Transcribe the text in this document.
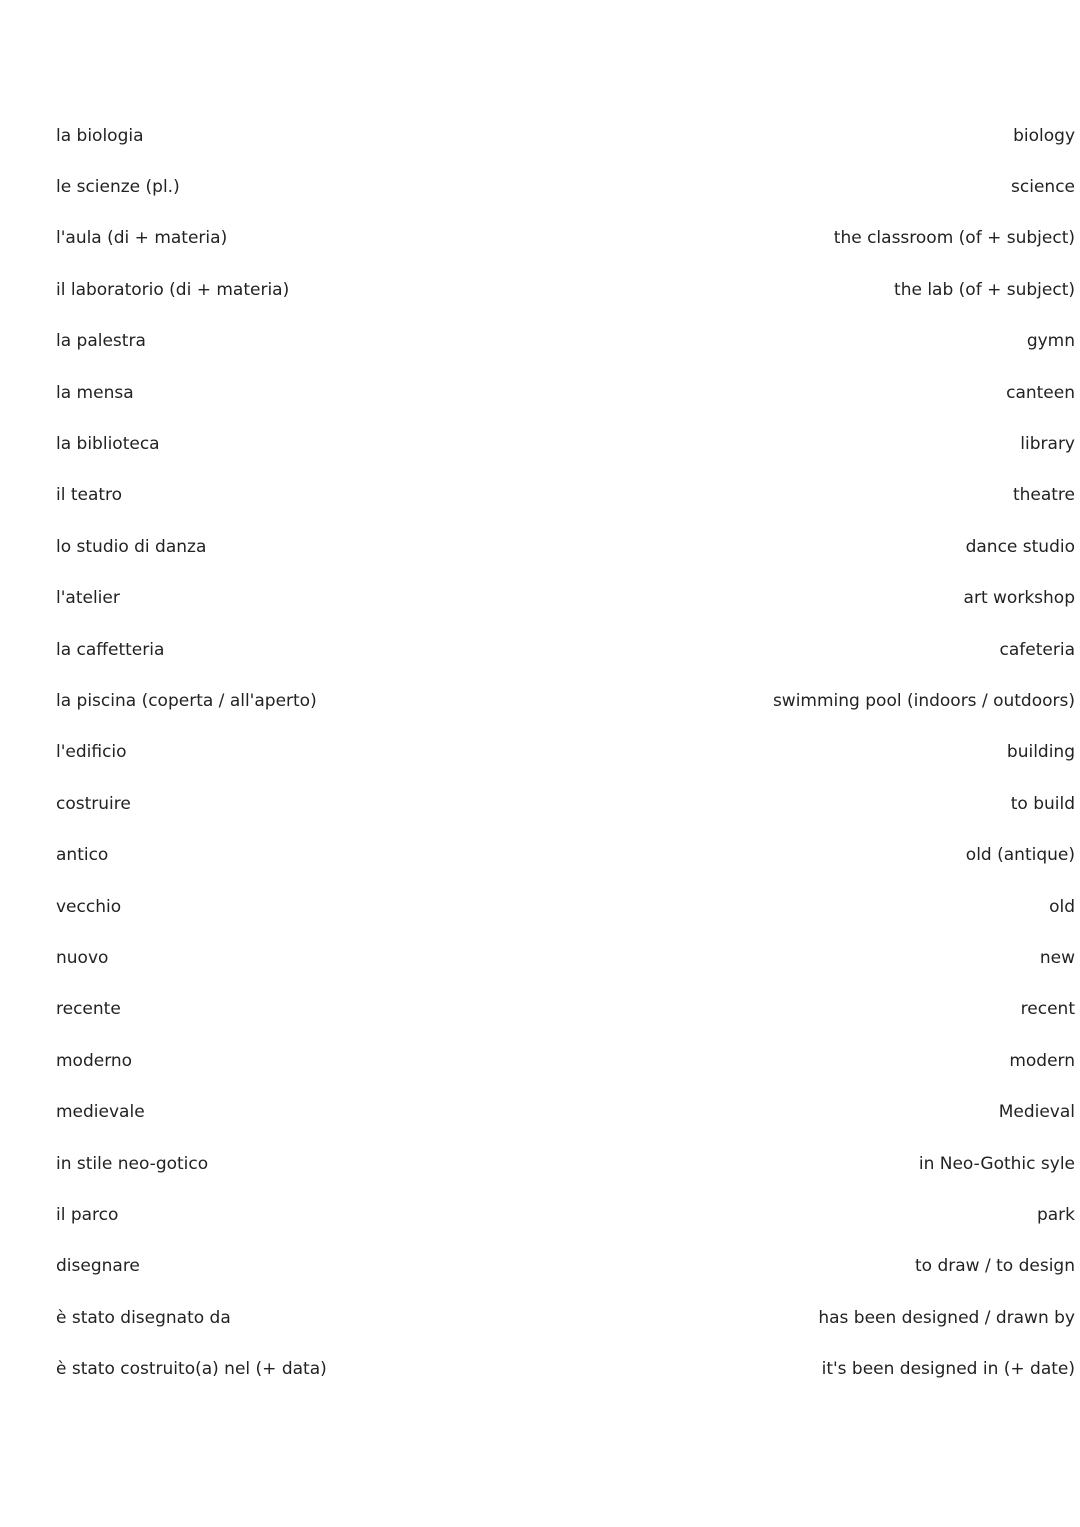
la biologia	biology
le scienze (pl.)	science
l'aula (di + materia)	the classroom (of + subject)
il laboratorio (di + materia)	the lab (of + subject)
la palestra	gymn
la mensa	canteen
la biblioteca	library
il teatro	theatre
lo studio di danza	dance studio
l'atelier	art workshop
la caffetteria	cafeteria
la piscina (coperta / all'aperto)	swimming pool (indoors / outdoors)
l'edificio	building
costruire	to build
antico	old (antique)
vecchio	old
nuovo	new
recente	recent
moderno	modern
medievale	Medieval
in stile neo-gotico	in Neo-Gothic syle
il parco	park
disegnare	to draw / to design
è stato disegnato da	has been designed / drawn by
è stato costruito(a) nel (+ data)	it's been designed in (+ date)
